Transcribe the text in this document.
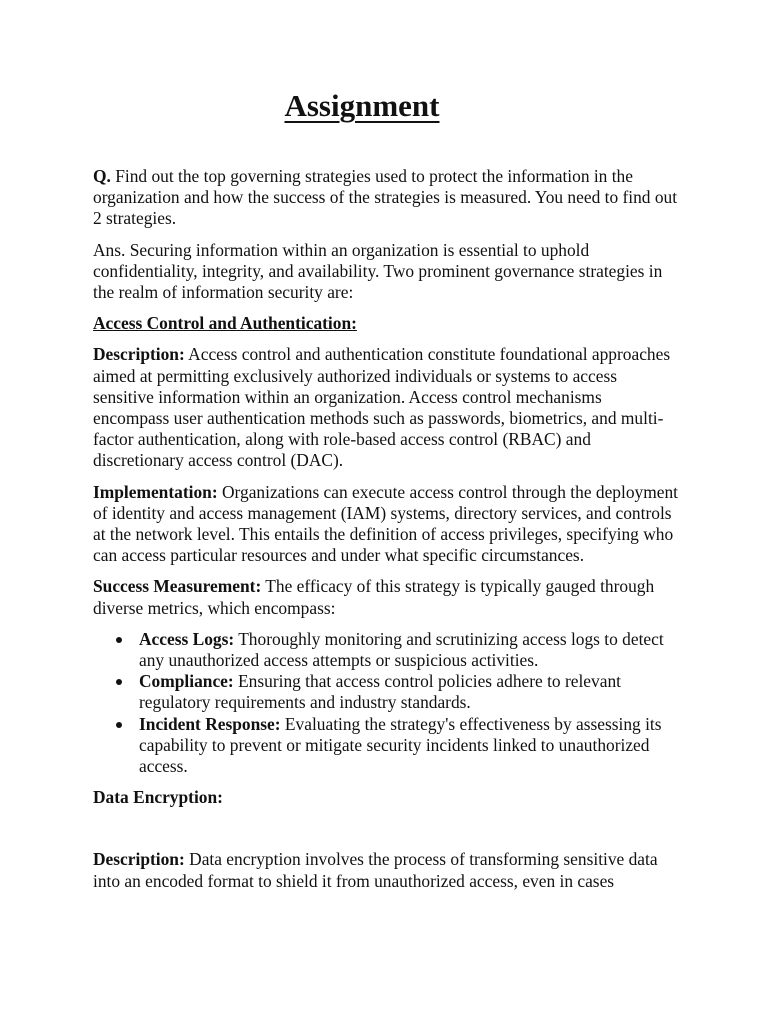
Assignment

Q. Find out the top governing strategies used to protect the information in the organization and how the success of the strategies is measured. You need to find out 2 strategies.

Ans. Securing information within an organization is essential to uphold confidentiality, integrity, and availability. Two prominent governance strategies in the realm of information security are:

Access Control and Authentication:

Description: Access control and authentication constitute foundational approaches aimed at permitting exclusively authorized individuals or systems to access sensitive information within an organization. Access control mechanisms encompass user authentication methods such as passwords, biometrics, and multi-factor authentication, along with role-based access control (RBAC) and discretionary access control (DAC).

Implementation: Organizations can execute access control through the deployment of identity and access management (IAM) systems, directory services, and controls at the network level. This entails the definition of access privileges, specifying who can access particular resources and under what specific circumstances.

Success Measurement: The efficacy of this strategy is typically gauged through diverse metrics, which encompass:

Access Logs: Thoroughly monitoring and scrutinizing access logs to detect any unauthorized access attempts or suspicious activities.
Compliance: Ensuring that access control policies adhere to relevant regulatory requirements and industry standards.
Incident Response: Evaluating the strategy's effectiveness by assessing its capability to prevent or mitigate security incidents linked to unauthorized access.

Data Encryption:

Description: Data encryption involves the process of transforming sensitive data into an encoded format to shield it from unauthorized access, even in cases
